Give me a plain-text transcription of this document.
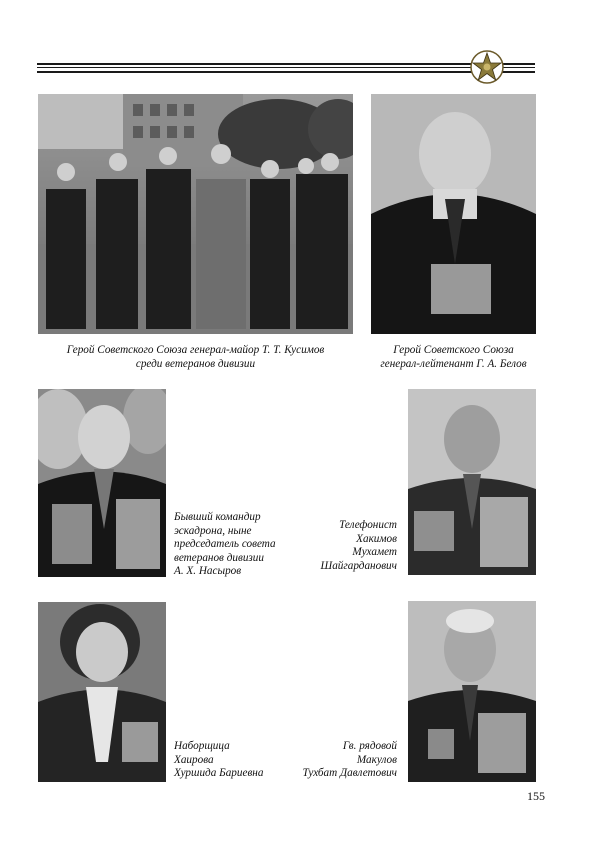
Герой Советского Союза генерал-майор Т. Т. Кусимов
среди ветеранов дивизии
Герой Советского Союза
генерал-лейтенант Г. А. Белов
Бывший командир
эскадрона, ныне
председатель совета
ветеранов дивизии
А. Х. Насыров
Телефонист
Хакимов
Мухамет
Шайгарданович
Наборщица
Хаирова
Хуршида Бариевна
Гв. рядовой
Макулов
Тухбат Давлетович
155
